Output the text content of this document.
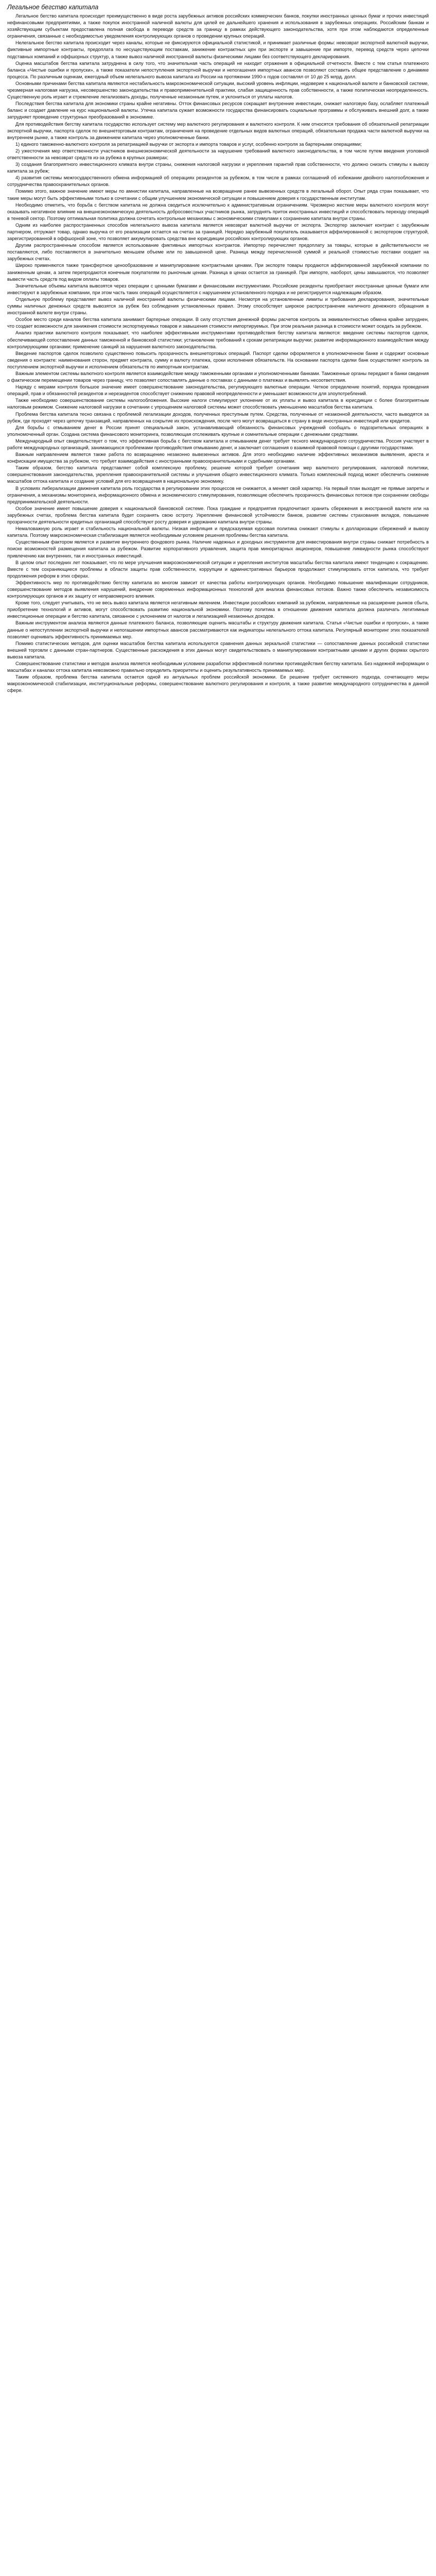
Легальное бегство капитала

Легальное бегство капитала происходит преимущественно в виде роста зарубежных активов российских коммерческих банков, покупки иностранных ценных бумаг и прочих инвестиций нефинансовыми предприятиями, а также покупок иностранной наличной валюты для целей ее дальнейшего хранения и использования в зарубежных операциях. Российским банкам и хозяйствующим субъектам предоставлена полная свобода в переводе средств за границу в рамках действующего законодательства, хотя при этом наблюдаются определенные ограничения, связанные с необходимостью уведомления контролирующих органов о проведении крупных операций.

Нелегальное бегство капитала происходит через каналы, которые не фиксируются официальной статистикой, и принимает различные формы: невозврат экспортной валютной выручки, фиктивные импортные контракты, предоплата по несуществующим поставкам, занижение контрактных цен при экспорте и завышение при импорте, перевод средств через цепочки подставных компаний и оффшорных структур, а также вывоз наличной иностранной валюты физическими лицами без соответствующего декларирования.

Оценка масштабов бегства капитала затруднена в силу того, что значительная часть операций не находит отражения в официальной отчетности. Вместе с тем статья платежного баланса «Чистые ошибки и пропуски», а также показатели непоступления экспортной выручки и непогашения импортных авансов позволяют составить общее представление о динамике процесса. По различным оценкам, ежегодный объем нелегального вывоза капитала из России на протяжении 1990-х годов составлял от 10 до 25 млрд. долл.

Основными причинами бегства капитала являются нестабильность макроэкономической ситуации, высокий уровень инфляции, недоверие к национальной валюте и банковской системе, чрезмерная налоговая нагрузка, несовершенство законодательства и правоприменительной практики, слабая защищенность прав собственности, а также политическая неопределенность. Существенную роль играет и стремление легализовать доходы, полученные незаконным путем, и уклониться от уплаты налогов.

Последствия бегства капитала для экономики страны крайне негативны. Отток финансовых ресурсов сокращает внутренние инвестиции, снижает налоговую базу, ослабляет платежный баланс и создает давление на курс национальной валюты. Утечка капитала сужает возможности государства финансировать социальные программы и обслуживать внешний долг, а также затрудняет проведение структурных преобразований в экономике.

Для противодействия бегству капитала государство использует систему мер валютного регулирования и валютного контроля. К ним относятся требования об обязательной репатриации экспортной выручки, паспорта сделок по внешнеторговым контрактам, ограничения на проведение отдельных видов валютных операций, обязательная продажа части валютной выручки на внутреннем рынке, а также контроль за движением капитала через уполномоченные банки.

1) единого таможенно-валютного контроля за репатриацией выручки от экспорта и импорта товаров и услуг, особенно контроля за бартерными операциями;

2) ужесточения мер ответственности участников внешнеэкономической деятельности за нарушение требований валютного законодательства, в том числе путем введения уголовной ответственности за невозврат средств из-за рубежа в крупных размерах;

3) создания благоприятного инвестиционного климата внутри страны, снижения налоговой нагрузки и укрепления гарантий прав собственности, что должно снизить стимулы к вывозу капитала за рубеж;

4) развития системы межгосударственного обмена информацией об операциях резидентов за рубежом, в том числе в рамках соглашений об избежании двойного налогообложения и сотрудничества правоохранительных органов.

Помимо этого, важное значение имеют меры по амнистии капитала, направленные на возвращение ранее вывезенных средств в легальный оборот. Опыт ряда стран показывает, что такие меры могут быть эффективными только в сочетании с общим улучшением экономической ситуации и повышением доверия к государственным институтам.

Необходимо отметить, что борьба с бегством капитала не должна сводиться исключительно к административным ограничениям. Чрезмерно жесткие меры валютного контроля могут оказывать негативное влияние на внешнеэкономическую деятельность добросовестных участников рынка, затруднять приток иностранных инвестиций и способствовать переходу операций в теневой сектор. Поэтому оптимальная политика должна сочетать контрольные механизмы с экономическими стимулами к сохранению капитала внутри страны.

Одним из наиболее распространенных способов нелегального вывоза капитала является невозврат валютной выручки от экспорта. Экспортер заключает контракт с зарубежным партнером, отгружает товар, однако выручка от его реализации остается на счетах за границей. Нередко зарубежный покупатель оказывается аффилированной с экспортером структурой, зарегистрированной в оффшорной зоне, что позволяет аккумулировать средства вне юрисдикции российских контролирующих органов.

Другим распространенным способом является использование фиктивных импортных контрактов. Импортер перечисляет предоплату за товары, которые в действительности не поставляются, либо поставляются в значительно меньшем объеме или по завышенной цене. Разница между перечисленной суммой и реальной стоимостью поставки оседает на зарубежных счетах.

Широко применяются также трансфертное ценообразование и манипулирование контрактными ценами. При экспорте товары продаются аффилированной зарубежной компании по заниженным ценам, а затем перепродаются конечным покупателям по рыночным ценам. Разница в ценах остается за границей. При импорте, наоборот, цены завышаются, что позволяет вывести часть средств под видом оплаты товаров.

Значительные объемы капитала вывозятся через операции с ценными бумагами и финансовыми инструментами. Российские резиденты приобретают иностранные ценные бумаги или инвестируют в зарубежные компании, при этом часть таких операций осуществляется с нарушением установленного порядка и не регистрируется надлежащим образом.

Отдельную проблему представляет вывоз наличной иностранной валюты физическими лицами. Несмотря на установленные лимиты и требования декларирования, значительные суммы наличных денежных средств вывозятся за рубеж без соблюдения установленных правил. Этому способствует широкое распространение наличного денежного обращения в иностранной валюте внутри страны.

Особое место среди каналов бегства капитала занимают бартерные операции. В силу отсутствия денежной формы расчетов контроль за эквивалентностью обмена крайне затруднен, что создает возможности для занижения стоимости экспортируемых товаров и завышения стоимости импортируемых. При этом реальная разница в стоимости может оседать за рубежом.

Анализ практики валютного контроля показывает, что наиболее эффективными инструментами противодействия бегству капитала являются: введение системы паспортов сделок, обеспечивающей сопоставление данных таможенной и банковской статистики; установление требований к срокам репатриации выручки; развитие информационного взаимодействия между контролирующими органами; применение санкций за нарушения валютного законодательства.

Введение паспортов сделок позволило существенно повысить прозрачность внешнеторговых операций. Паспорт сделки оформляется в уполномоченном банке и содержит основные сведения о контракте: наименования сторон, предмет контракта, сумму и валюту платежа, сроки исполнения обязательств. На основании паспорта сделки банк осуществляет контроль за поступлением экспортной выручки и исполнением обязательств по импортным контрактам.

Важным элементом системы валютного контроля является взаимодействие между таможенными органами и уполномоченными банками. Таможенные органы передают в банки сведения о фактическом перемещении товаров через границу, что позволяет сопоставлять данные о поставках с данными о платежах и выявлять несоответствия.

Наряду с мерами контроля большое значение имеет совершенствование законодательства, регулирующего валютные операции. Четкое определение понятий, порядка проведения операций, прав и обязанностей резидентов и нерезидентов способствует снижению правовой неопределенности и уменьшает возможности для злоупотреблений.

Также необходимо совершенствование системы налогообложения. Высокие налоги стимулируют уклонение от их уплаты и вывоз капитала в юрисдикции с более благоприятным налоговым режимом. Снижение налоговой нагрузки в сочетании с упрощением налоговой системы может способствовать уменьшению масштабов бегства капитала.

Проблема бегства капитала тесно связана с проблемой легализации доходов, полученных преступным путем. Средства, полученные от незаконной деятельности, часто выводятся за рубеж, где проходят через цепочку транзакций, направленных на сокрытие их происхождения, после чего могут возвращаться в страну в виде иностранных инвестиций или кредитов.

Для борьбы с отмыванием денег в России принят специальный закон, устанавливающий обязанность финансовых учреждений сообщать о подозрительных операциях в уполномоченный орган. Создана система финансового мониторинга, позволяющая отслеживать крупные и сомнительные операции с денежными средствами.

Международный опыт свидетельствует о том, что эффективная борьба с бегством капитала и отмыванием денег требует тесного международного сотрудничества. Россия участвует в работе международных организаций, занимающихся проблемами противодействия отмыванию денег, и заключает соглашения о взаимной правовой помощи с другими государствами.

Важным направлением является также работа по возвращению незаконно вывезенных активов. Для этого необходимо наличие эффективных механизмов выявления, ареста и конфискации имущества за рубежом, что требует взаимодействия с иностранными правоохранительными и судебными органами.

Таким образом, бегство капитала представляет собой комплексную проблему, решение которой требует сочетания мер валютного регулирования, налоговой политики, совершенствования законодательства, укрепления правоохранительной системы и улучшения общего инвестиционного климата. Только комплексный подход может обеспечить снижение масштабов оттока капитала и создание условий для его возвращения в национальную экономику.

В условиях либерализации движения капитала роль государства в регулировании этих процессов не снижается, а меняет свой характер. На первый план выходят не прямые запреты и ограничения, а механизмы мониторинга, информационного обмена и экономического стимулирования, позволяющие обеспечить прозрачность финансовых потоков при сохранении свободы предпринимательской деятельности.

Особое значение имеет повышение доверия к национальной банковской системе. Пока граждане и предприятия предпочитают хранить сбережения в иностранной валюте или на зарубежных счетах, проблема бегства капитала будет сохранять свою остроту. Укрепление финансовой устойчивости банков, развитие системы страхования вкладов, повышение прозрачности деятельности кредитных организаций способствуют росту доверия и удержанию капитала внутри страны.

Немаловажную роль играет и стабильность национальной валюты. Низкая инфляция и предсказуемая курсовая политика снижают стимулы к долларизации сбережений и вывозу капитала. Поэтому макроэкономическая стабилизация является необходимым условием решения проблемы бегства капитала.

Существенным фактором является и развитие внутреннего фондового рынка. Наличие надежных и доходных инструментов для инвестирования внутри страны снижает потребность в поиске возможностей размещения капитала за рубежом. Развитие корпоративного управления, защита прав миноритарных акционеров, повышение ликвидности рынка способствуют привлечению как внутренних, так и иностранных инвестиций.

В целом опыт последних лет показывает, что по мере улучшения макроэкономической ситуации и укрепления институтов масштабы бегства капитала имеют тенденцию к сокращению. Вместе с тем сохраняющиеся проблемы в области защиты прав собственности, коррупции и административных барьеров продолжают стимулировать отток капитала, что требует продолжения реформ в этих сферах.

Эффективность мер по противодействию бегству капитала во многом зависит от качества работы контролирующих органов. Необходимо повышение квалификации сотрудников, совершенствование методов выявления нарушений, внедрение современных информационных технологий для анализа финансовых потоков. Важно также обеспечить независимость контролирующих органов и их защиту от неправомерного влияния.

Кроме того, следует учитывать, что не весь вывоз капитала является негативным явлением. Инвестиции российских компаний за рубежом, направленные на расширение рынков сбыта, приобретение технологий и активов, могут способствовать развитию национальной экономики. Поэтому политика в отношении движения капитала должна различать легитимные инвестиционные операции и бегство капитала, связанное с уклонением от налогов и легализацией незаконных доходов.

Важным инструментом анализа являются данные платежного баланса, позволяющие оценить масштабы и структуру движения капитала. Статья «Чистые ошибки и пропуски», а также данные о непоступлении экспортной выручки и непогашении импортных авансов рассматриваются как индикаторы нелегального оттока капитала. Регулярный мониторинг этих показателей позволяет оценивать эффективность принимаемых мер.

Помимо статистических методов, для оценки масштабов бегства капитала используются сравнения данных зеркальной статистики — сопоставление данных российской статистики внешней торговли с данными стран-партнеров. Существенные расхождения в этих данных могут свидетельствовать о манипулировании контрактными ценами и других формах скрытого вывоза капитала.

Совершенствование статистики и методов анализа является необходимым условием разработки эффективной политики противодействия бегству капитала. Без надежной информации о масштабах и каналах оттока капитала невозможно правильно определить приоритеты и оценить результативность принимаемых мер.

Таким образом, проблема бегства капитала остается одной из актуальных проблем российской экономики. Ее решение требует системного подхода, сочетающего меры макроэкономической стабилизации, институциональные реформы, совершенствование валютного регулирования и контроля, а также развитие международного сотрудничества в данной сфере.
